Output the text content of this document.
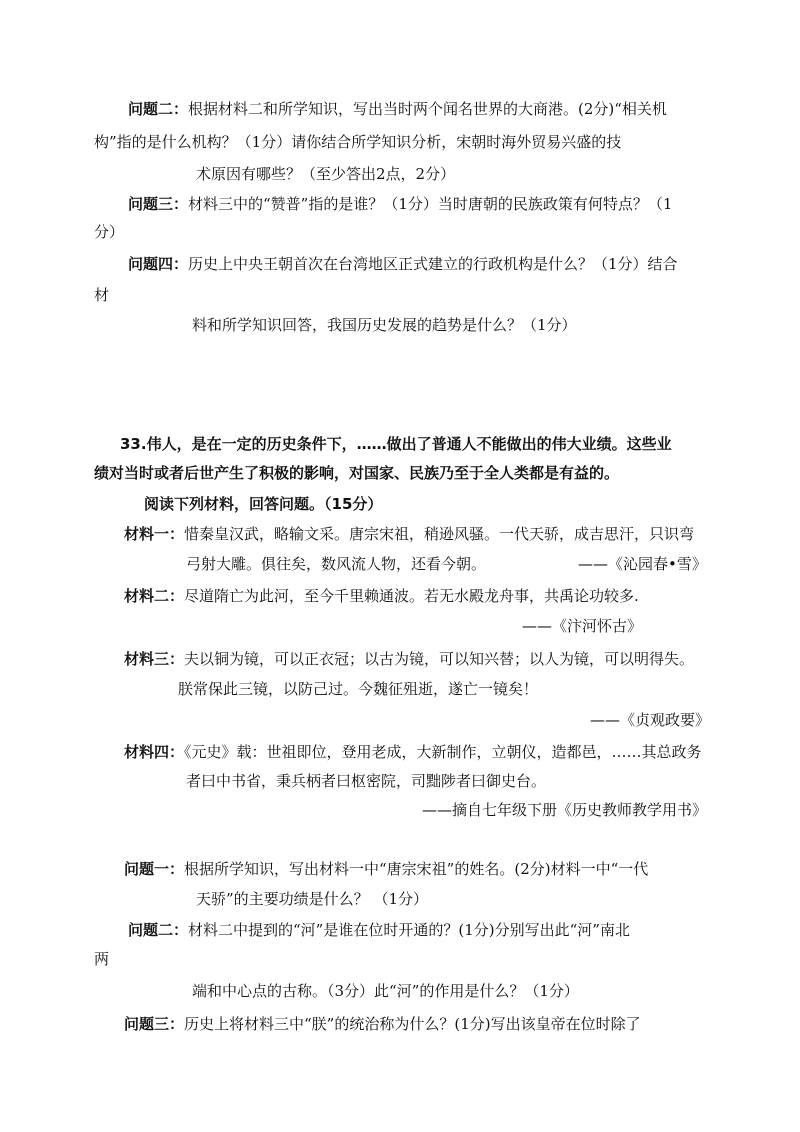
问题二：根据材料二和所学知识，写出当时两个闻名世界的大商港。(2分)“相关机
构”指的是什么机构？（1分）请你结合所学知识分析，宋朝时海外贸易兴盛的技
术原因有哪些？（至少答出2点，2分）
问题三：材料三中的“赞普”指的是谁？（1分）当时唐朝的民族政策有何特点？（1
分）
问题四：历史上中央王朝首次在台湾地区正式建立的行政机构是什么？（1分）结合
材
料和所学知识回答，我国历史发展的趋势是什么？（1分）
33.伟人，是在一定的历史条件下，……做出了普通人不能做出的伟大业绩。这些业
绩对当时或者后世产生了积极的影响，对国家、民族乃至于全人类都是有益的。
阅读下列材料，回答问题。（15分）
材料一：惜秦皇汉武，略输文采。唐宗宋祖，稍逊风骚。一代天骄，成吉思汗，只识弯
弓射大雕。俱往矣，数风流人物，还看今朝。	——《沁园春•雪》
材料二：尽道隋亡为此河，至今千里赖通波。若无水殿龙舟事，共禹论功较多.
——《汴河怀古》
材料三：夫以铜为镜，可以正衣冠；以古为镜，可以知兴替；以人为镜，可以明得失。
朕常保此三镜，以防己过。今魏征殂逝，遂亡一镜矣！
——《贞观政要》
材料四：《元史》载：世祖即位，登用老成，大新制作，立朝仪，造都邑，……其总政务
者曰中书省，秉兵柄者曰枢密院，司黜陟者曰御史台。
——摘自七年级下册《历史教师教学用书》
问题一：根据所学知识，写出材料一中“唐宗宋祖”的姓名。(2分)材料一中“一代
天骄”的主要功绩是什么？ （1分）
问题二：材料二中提到的“河”是谁在位时开通的？(1分)分别写出此“河”南北
两
端和中心点的古称。（3分）此“河”的作用是什么？（1分）
问题三：历史上将材料三中“朕”的统治称为什么？(1分)写出该皇帝在位时除了
